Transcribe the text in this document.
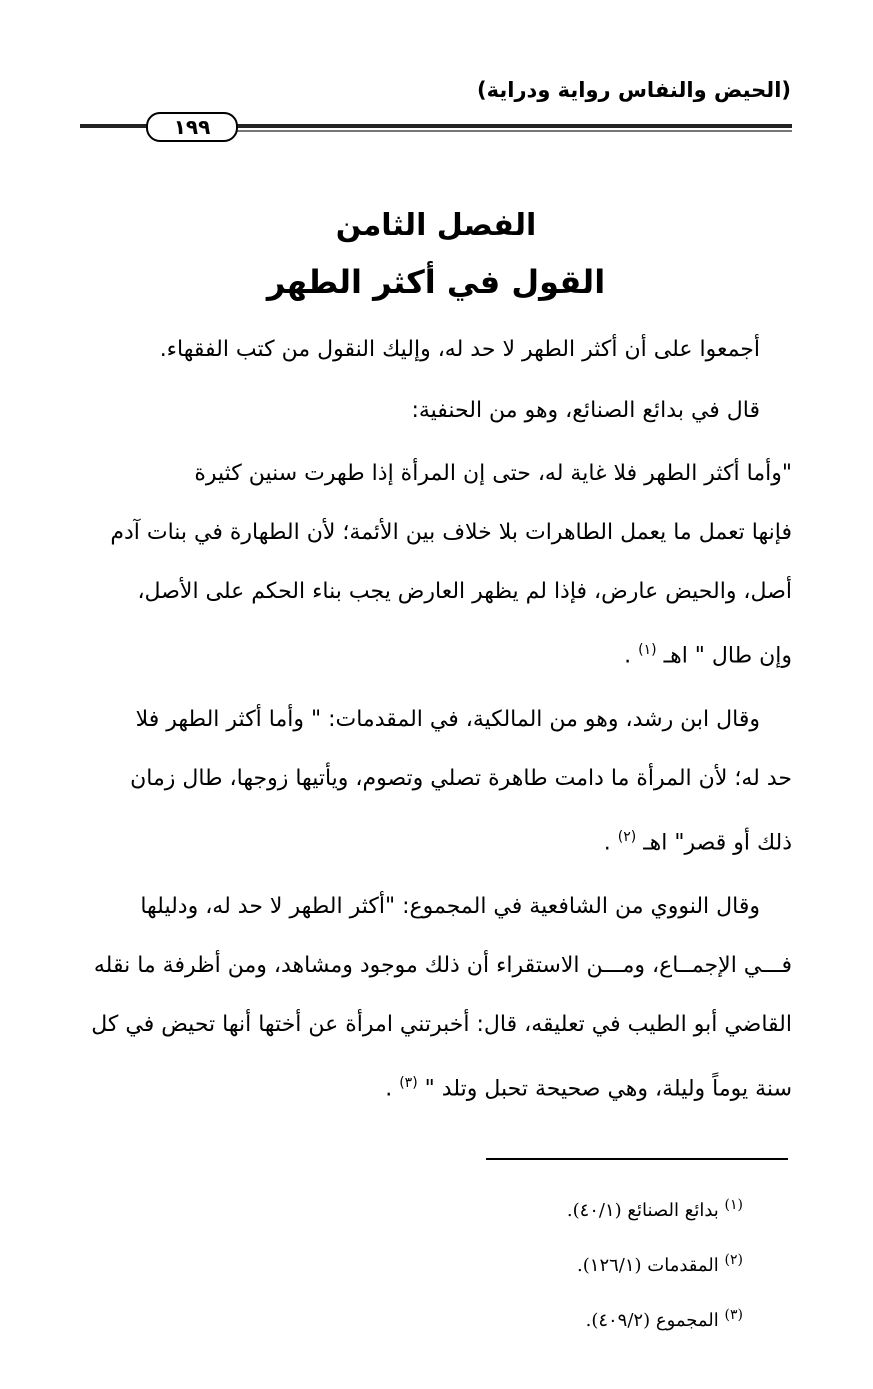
(الحيض والنفاس رواية ودراية)
١٩٩
الفصل الثامن
القول في أكثر الطهر
أجمعوا على أن أكثر الطهر لا حد له، وإليك النقول من كتب الفقهاء.
قال في بدائع الصنائع، وهو من الحنفية:
"وأما أكثر الطهر فلا غاية له، حتى إن المرأة إذا طهرت سنين كثيرة
فإنها تعمل ما يعمل الطاهرات بلا خلاف بين الأئمة؛ لأن الطهارة في بنات آدم
أصل، والحيض عارض، فإذا لم يظهر العارض يجب بناء الحكم على الأصل،
وإن طال " اهـ $^{(١)}$ .
وقال ابن رشد، وهو من المالكية، في المقدمات: " وأما أكثر الطهر فلا
حد له؛ لأن المرأة ما دامت طاهرة تصلي وتصوم، ويأتيها زوجها، طال زمان
ذلك أو قصر" اهـ $^{(٢)}$ .
وقال النووي من الشافعية في المجموع: "أكثر الطهر لا حد له، ودليلها
فـــي الإجمــاع، ومـــن الاستقراء أن ذلك موجود ومشاهد، ومن أظرفة ما نقله
القاضي أبو الطيب في تعليقه، قال: أخبرتني امرأة عن أختها أنها تحيض في كل
سنة يوماً وليلة، وهي صحيحة تحبل وتلد " $^{(٣)}$ .
$^{(١)}$ بدائع الصنائع (٤٠/١).
$^{(٢)}$ المقدمات (١٢٦/١).
$^{(٣)}$ المجموع (٤٠٩/٢).
